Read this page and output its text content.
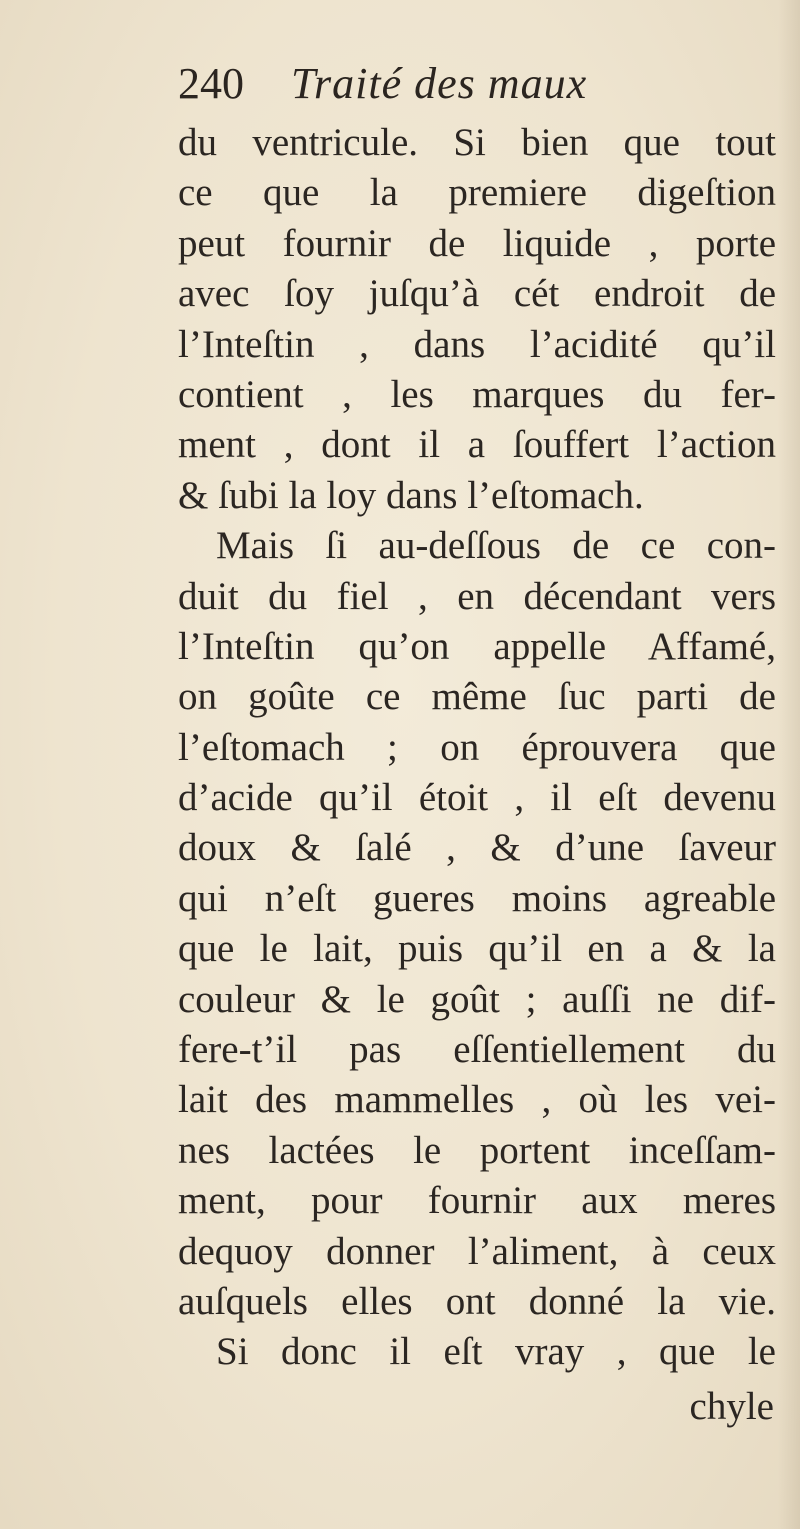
240 Traité des maux
du ventricule. Si bien que tout
ce que la premiere digeſtion
peut fournir de liquide , porte
avec ſoy juſqu’à cét endroit de
l’Inteſtin , dans l’acidité qu’il
contient , les marques du fer-
ment , dont il a ſouffert l’action
& ſubi la loy dans l’eſtomach.
Mais ſi au-deſſous de ce con-
duit du fiel , en décendant vers
l’Inteſtin qu’on appelle Affamé,
on goûte ce même ſuc parti de
l’eſtomach ; on éprouvera que
d’acide qu’il étoit , il eſt devenu
doux & ſalé , & d’une ſaveur
qui n’eſt gueres moins agreable
que le lait, puis qu’il en a & la
couleur & le goût ; auſſi ne dif-
fere-t’il pas eſſentiellement du
lait des mammelles , où les vei-
nes lactées le portent inceſſam-
ment, pour fournir aux meres
dequoy donner l’aliment, à ceux
auſquels elles ont donné la vie.
Si donc il eſt vray , que le
chyle
